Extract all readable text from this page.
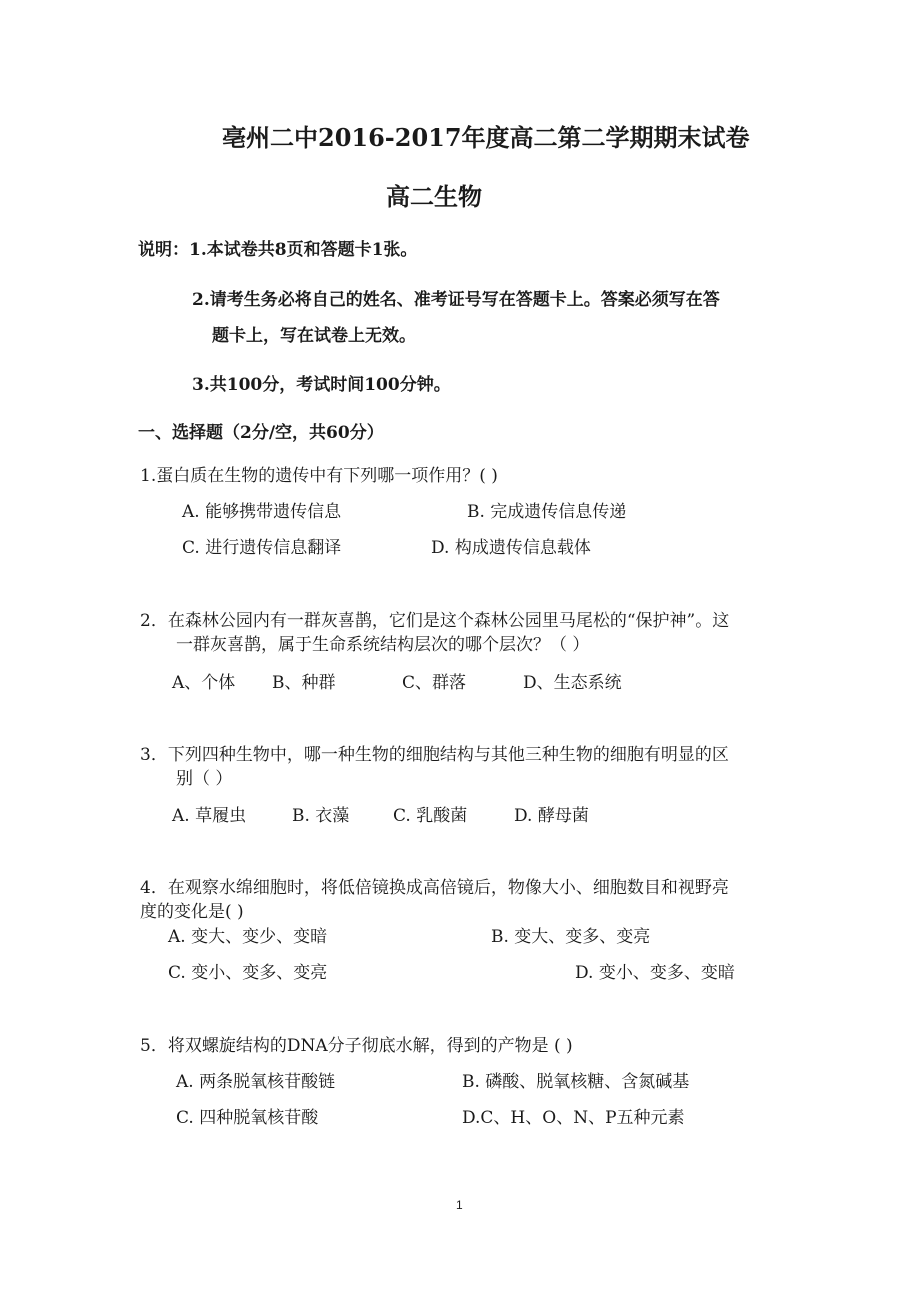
亳州二中2016-2017年度高二第二学期期末试卷
高二生物
说明： 1.本试卷共8页和答题卡1张。
2.请考生务必将自己的姓名、准考证号写在答题卡上。答案必须写在答
题卡上，写在试卷上无效。
3.共100分，考试时间100分钟。
一、选择题（2分/空，共60分）
1.蛋白质在生物的遗传中有下列哪一项作用？( )
A. 能够携带遗传信息	B. 完成遗传信息传递
C. 进行遗传信息翻译	D. 构成遗传信息载体
2．在森林公园内有一群灰喜鹊，它们是这个森林公园里马尾松的“保护神”。这
一群灰喜鹊，属于生命系统结构层次的哪个层次？（ ）
A、个体 B、种群	C、群落	D、生态系统
3．下列四种生物中，哪一种生物的细胞结构与其他三种生物的细胞有明显的区
别（ ）
A. 草履虫	B. 衣藻	C. 乳酸菌	D. 酵母菌
4．在观察水绵细胞时，将低倍镜换成高倍镜后，物像大小、细胞数目和视野亮
度的变化是( )
A. 变大、变少、变暗	B. 变大、变多、变亮
C. 变小、变多、变亮	D. 变小、变多、变暗
5．将双螺旋结构的DNA分子彻底水解，得到的产物是 ( )
A. 两条脱氧核苷酸链	B. 磷酸、脱氧核糖、含氮碱基
C. 四种脱氧核苷酸	D.C、H、O、N、P五种元素
1
